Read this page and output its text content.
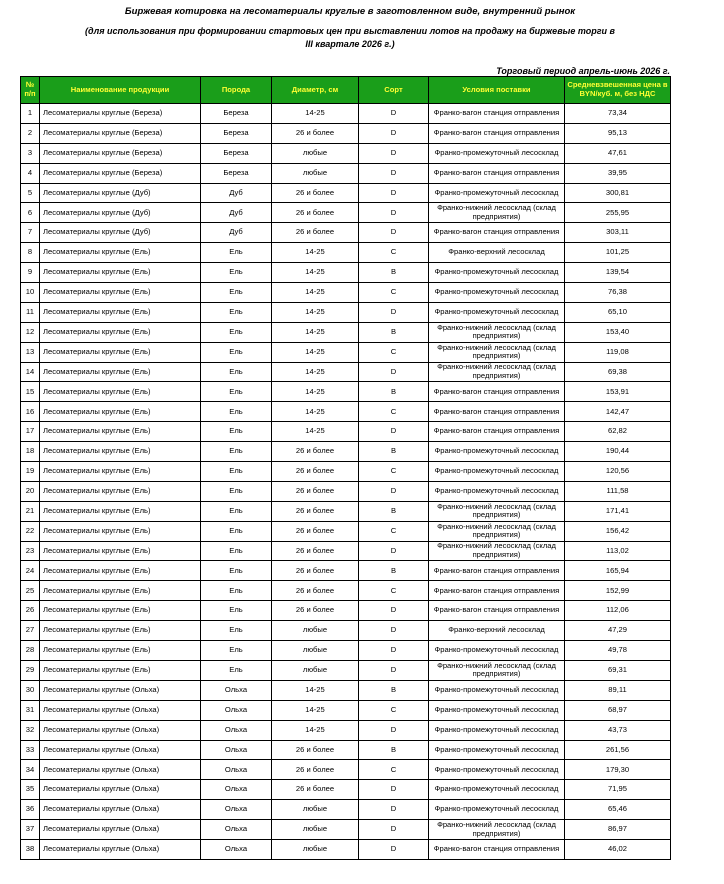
Биржевая котировка на лесоматериалы круглые в заготовленном виде, внутренний рынок
(для использования при формировании стартовых цен при выставлении лотов на продажу на биржевые торги в
III квартале 2026 г.)
Торговый период апрель-июнь 2026 г.
№ п/п	Наименование продукции	Порода	Диаметр, см	Сорт	Условия поставки	Средневзвешенная цена в BYN/куб. м, без НДС
1	Лесоматериалы круглые (Береза)	Береза	14-25	D	Франко-вагон станция отправления	73,34
2	Лесоматериалы круглые (Береза)	Береза	26 и более	D	Франко-вагон станция отправления	95,13
3	Лесоматериалы круглые (Береза)	Береза	любые	D	Франко-промежуточный лесосклад	47,61
4	Лесоматериалы круглые (Береза)	Береза	любые	D	Франко-вагон станция отправления	39,95
5	Лесоматериалы круглые (Дуб)	Дуб	26 и более	D	Франко-промежуточный лесосклад	300,81
6	Лесоматериалы круглые (Дуб)	Дуб	26 и более	D	Франко-нижний лесосклад (склад предприятия)	255,95
7	Лесоматериалы круглые (Дуб)	Дуб	26 и более	D	Франко-вагон станция отправления	303,11
8	Лесоматериалы круглые (Ель)	Ель	14-25	C	Франко-верхний лесосклад	101,25
9	Лесоматериалы круглые (Ель)	Ель	14-25	B	Франко-промежуточный лесосклад	139,54
10	Лесоматериалы круглые (Ель)	Ель	14-25	C	Франко-промежуточный лесосклад	76,38
11	Лесоматериалы круглые (Ель)	Ель	14-25	D	Франко-промежуточный лесосклад	65,10
12	Лесоматериалы круглые (Ель)	Ель	14-25	B	Франко-нижний лесосклад (склад предприятия)	153,40
13	Лесоматериалы круглые (Ель)	Ель	14-25	C	Франко-нижний лесосклад (склад предприятия)	119,08
14	Лесоматериалы круглые (Ель)	Ель	14-25	D	Франко-нижний лесосклад (склад предприятия)	69,38
15	Лесоматериалы круглые (Ель)	Ель	14-25	B	Франко-вагон станция отправления	153,91
16	Лесоматериалы круглые (Ель)	Ель	14-25	C	Франко-вагон станция отправления	142,47
17	Лесоматериалы круглые (Ель)	Ель	14-25	D	Франко-вагон станция отправления	62,82
18	Лесоматериалы круглые (Ель)	Ель	26 и более	B	Франко-промежуточный лесосклад	190,44
19	Лесоматериалы круглые (Ель)	Ель	26 и более	C	Франко-промежуточный лесосклад	120,56
20	Лесоматериалы круглые (Ель)	Ель	26 и более	D	Франко-промежуточный лесосклад	111,58
21	Лесоматериалы круглые (Ель)	Ель	26 и более	B	Франко-нижний лесосклад (склад предприятия)	171,41
22	Лесоматериалы круглые (Ель)	Ель	26 и более	C	Франко-нижний лесосклад (склад предприятия)	156,42
23	Лесоматериалы круглые (Ель)	Ель	26 и более	D	Франко-нижний лесосклад (склад предприятия)	113,02
24	Лесоматериалы круглые (Ель)	Ель	26 и более	B	Франко-вагон станция отправления	165,94
25	Лесоматериалы круглые (Ель)	Ель	26 и более	C	Франко-вагон станция отправления	152,99
26	Лесоматериалы круглые (Ель)	Ель	26 и более	D	Франко-вагон станция отправления	112,06
27	Лесоматериалы круглые (Ель)	Ель	любые	D	Франко-верхний лесосклад	47,29
28	Лесоматериалы круглые (Ель)	Ель	любые	D	Франко-промежуточный лесосклад	49,78
29	Лесоматериалы круглые (Ель)	Ель	любые	D	Франко-нижний лесосклад (склад предприятия)	69,31
30	Лесоматериалы круглые (Ольха)	Ольха	14-25	B	Франко-промежуточный лесосклад	89,11
31	Лесоматериалы круглые (Ольха)	Ольха	14-25	C	Франко-промежуточный лесосклад	68,97
32	Лесоматериалы круглые (Ольха)	Ольха	14-25	D	Франко-промежуточный лесосклад	43,73
33	Лесоматериалы круглые (Ольха)	Ольха	26 и более	B	Франко-промежуточный лесосклад	261,56
34	Лесоматериалы круглые (Ольха)	Ольха	26 и более	C	Франко-промежуточный лесосклад	179,30
35	Лесоматериалы круглые (Ольха)	Ольха	26 и более	D	Франко-промежуточный лесосклад	71,95
36	Лесоматериалы круглые (Ольха)	Ольха	любые	D	Франко-промежуточный лесосклад	65,46
37	Лесоматериалы круглые (Ольха)	Ольха	любые	D	Франко-нижний лесосклад (склад предприятия)	86,97
38	Лесоматериалы круглые (Ольха)	Ольха	любые	D	Франко-вагон станция отправления	46,02
